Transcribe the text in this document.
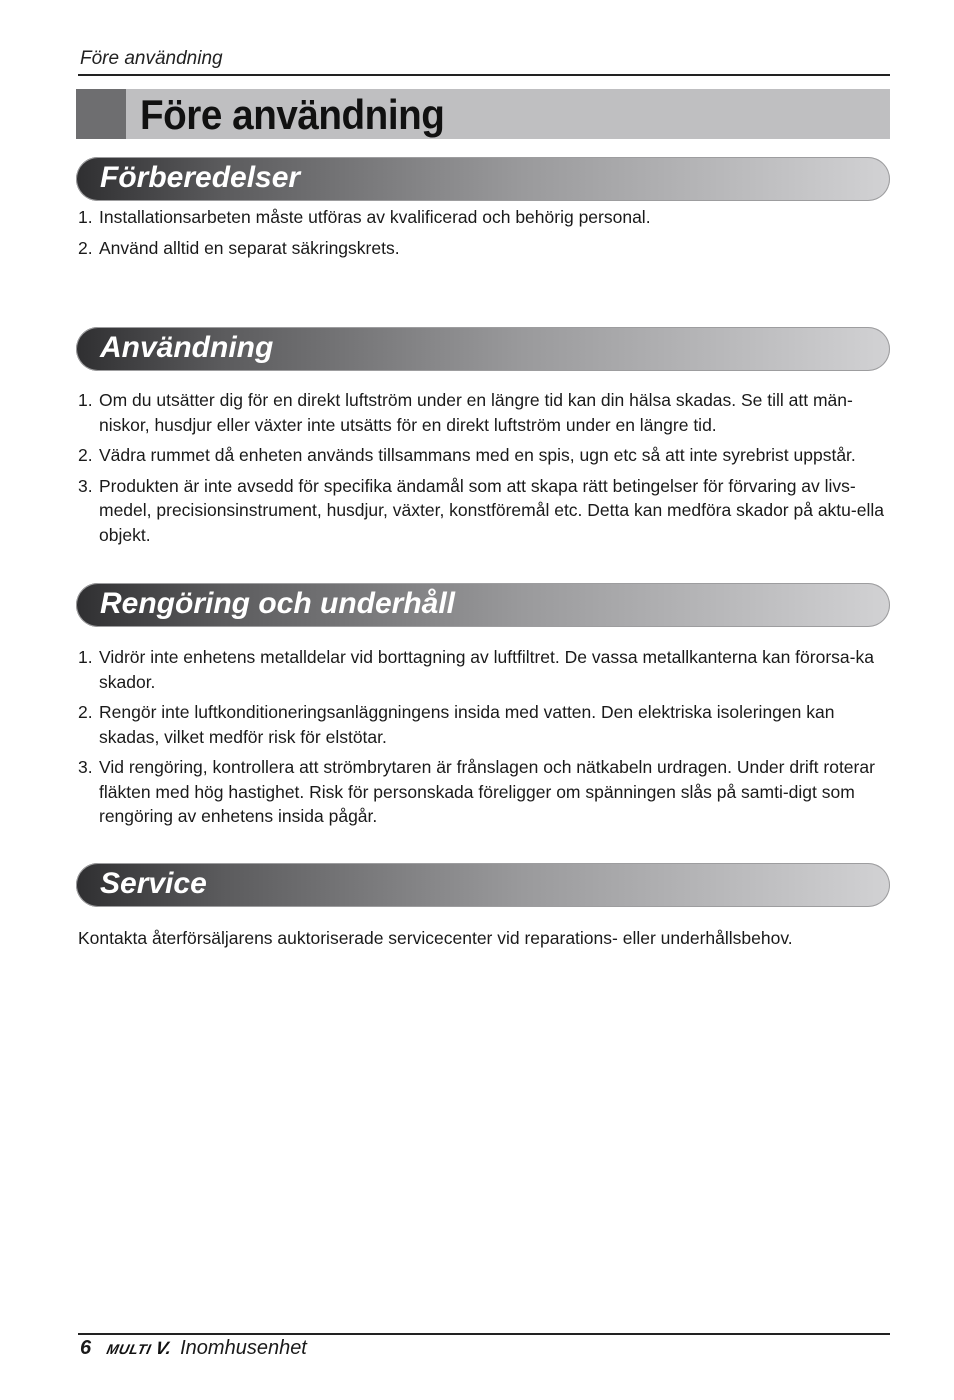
Före användning
Före användning
Förberedelser
1. Installationsarbeten måste utföras av kvalificerad och behörig personal.
2. Använd alltid en separat säkringskrets.
Användning
1. Om du utsätter dig för en direkt luftström under en längre tid kan din hälsa skadas. Se till att män-niskor, husdjur eller växter inte utsätts för en direkt luftström under en längre tid.
2. Vädra rummet då enheten används tillsammans med en spis, ugn etc så att inte syrebrist uppstår.
3. Produkten är inte avsedd för specifika ändamål som att skapa rätt betingelser för förvaring av livs-medel, precisionsinstrument, husdjur, växter, konstföremål etc. Detta kan medföra skador på aktu-ella objekt.
Rengöring och underhåll
1. Vidrör inte enhetens metalldelar vid borttagning av luftfiltret. De vassa metallkanterna kan förorsa-ka skador.
2. Rengör inte luftkonditioneringsanläggningens insida med vatten. Den elektriska isoleringen kan skadas, vilket medför risk för elstötar.
3. Vid rengöring, kontrollera att strömbrytaren är frånslagen och nätkabeln urdragen. Under drift roterar fläkten med hög hastighet. Risk för personskada föreligger om spänningen slås på samti-digt som rengöring av enhetens insida pågår.
Service

Kontakta återförsäljarens auktoriserade servicecenter vid reparations- eller underhållsbehov.

6 MULTI V. Inomhusenhet
